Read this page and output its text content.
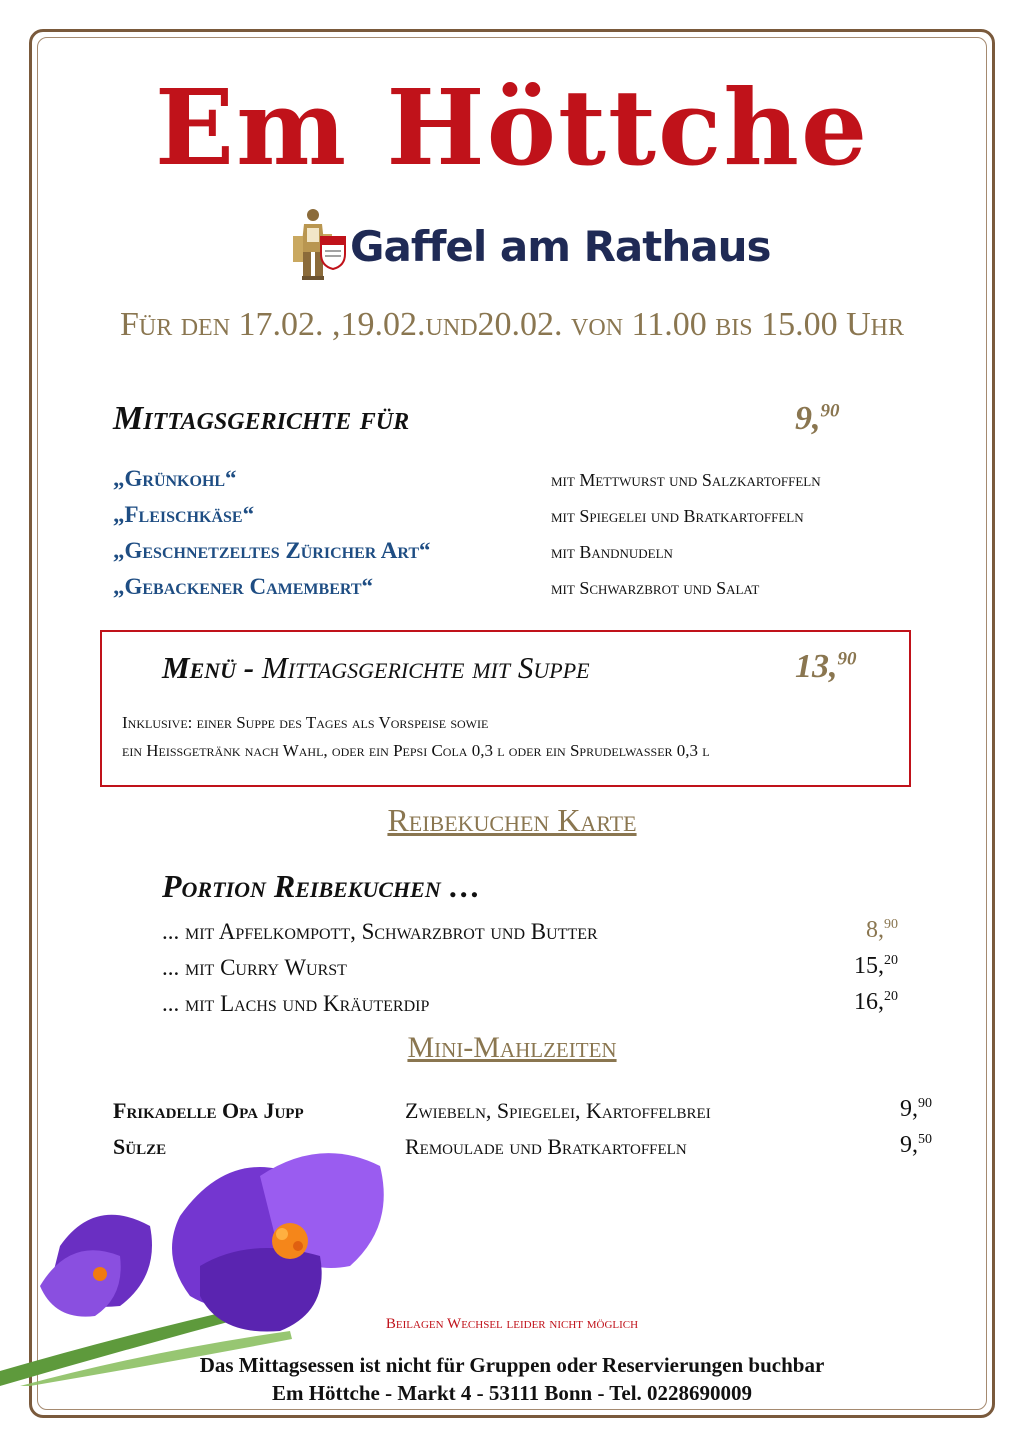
Em Höttche
Gaffel am Rathaus
Für den 17.02. ,19.02.und20.02. von 11.00 bis 15.00 Uhr
Mittagsgerichte für	9,90
„Grünkohl“	mit Mettwurst und Salzkartoffeln
„Fleischkäse“	mit Spiegelei und Bratkartoffeln
„Geschnetzeltes Züricher Art“	mit Bandnudeln
„Gebackener Camembert“	mit Schwarzbrot und Salat
Menü - Mittagsgerichte mit Suppe	13,90
Inklusive: einer Suppe des Tages als Vorspeise sowie
ein Heißgetränk nach Wahl, oder ein Pepsi Cola 0,3 l oder ein Sprudelwasser 0,3 l
Reibekuchen Karte
Portion Reibekuchen …
... mit Apfelkompott, Schwarzbrot und Butter	8,90
... mit Curry Wurst	15,20
... mit Lachs und Kräuterdip	16,20
Mini-Mahlzeiten
Frikadelle Opa Jupp	Zwiebeln, Spiegelei, Kartoffelbrei	9,90
Sülze	Remoulade und Bratkartoffeln	9,50
Beilagen Wechsel leider nicht möglich
Das Mittagsessen ist nicht für Gruppen oder Reservierungen buchbar
Em Höttche - Markt 4 - 53111 Bonn - Tel. 0228690009
